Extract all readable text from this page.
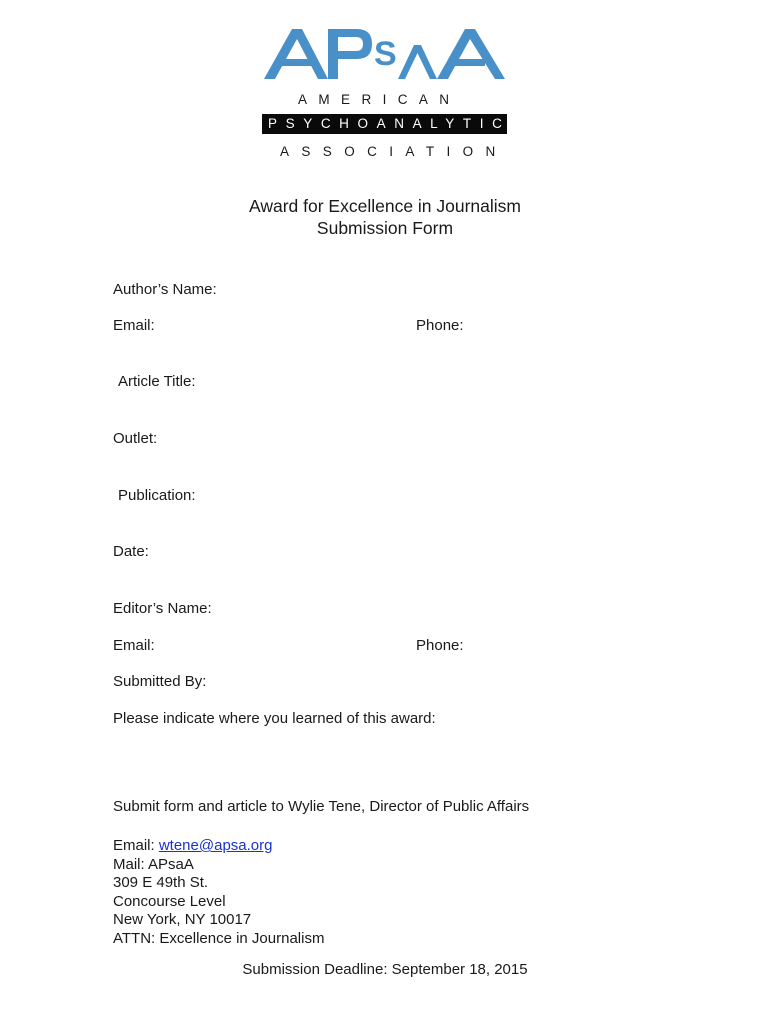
S
AMERICAN
PSYCHOANALYTIC
ASSOCIATION
Award for Excellence in Journalism
Submission Form
Author’s Name:
Email:	Phone:
Article Title:
Outlet:
Publication:
Date:
Editor’s Name:
Email:	Phone:
Submitted By:
Please indicate where you learned of this award:
Submit form and article to Wylie Tene, Director of Public Affairs
Email: wtene@apsa.org
Mail: APsaA
309 E 49th St.
Concourse Level
New York, NY 10017
ATTN: Excellence in Journalism
Submission Deadline: September 18, 2015
